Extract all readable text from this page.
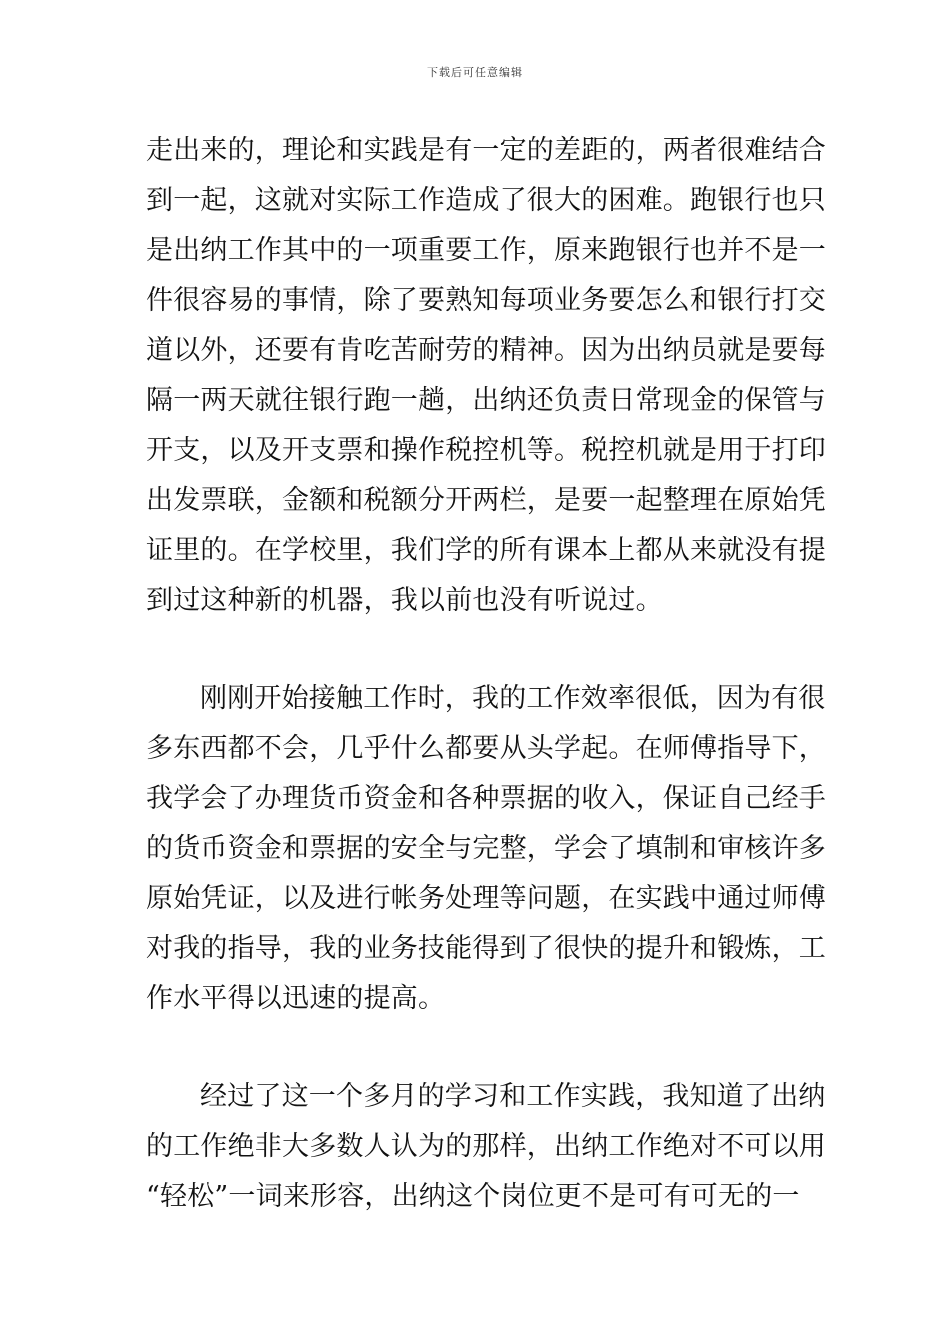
下载后可任意编辑
走出来的，理论和实践是有一定的差距的，两者很难结合
到一起，这就对实际工作造成了很大的困难。跑银行也只
是出纳工作其中的一项重要工作，原来跑银行也并不是一
件很容易的事情，除了要熟知每项业务要怎么和银行打交
道以外，还要有肯吃苦耐劳的精神。因为出纳员就是要每
隔一两天就往银行跑一趟，出纳还负责日常现金的保管与
开支，以及开支票和操作税控机等。税控机就是用于打印
出发票联，金额和税额分开两栏，是要一起整理在原始凭
证里的。在学校里，我们学的所有课本上都从来就没有提
到过这种新的机器，我以前也没有听说过。
刚刚开始接触工作时，我的工作效率很低，因为有很
多东西都不会，几乎什么都要从头学起。在师傅指导下，
我学会了办理货币资金和各种票据的收入，保证自己经手
的货币资金和票据的安全与完整，学会了填制和审核许多
原始凭证，以及进行帐务处理等问题，在实践中通过师傅
对我的指导，我的业务技能得到了很快的提升和锻炼，工
作水平得以迅速的提高。
经过了这一个多月的学习和工作实践，我知道了出纳
的工作绝非大多数人认为的那样，出纳工作绝对不可以用
“轻松”一词来形容，出纳这个岗位更不是可有可无的一
